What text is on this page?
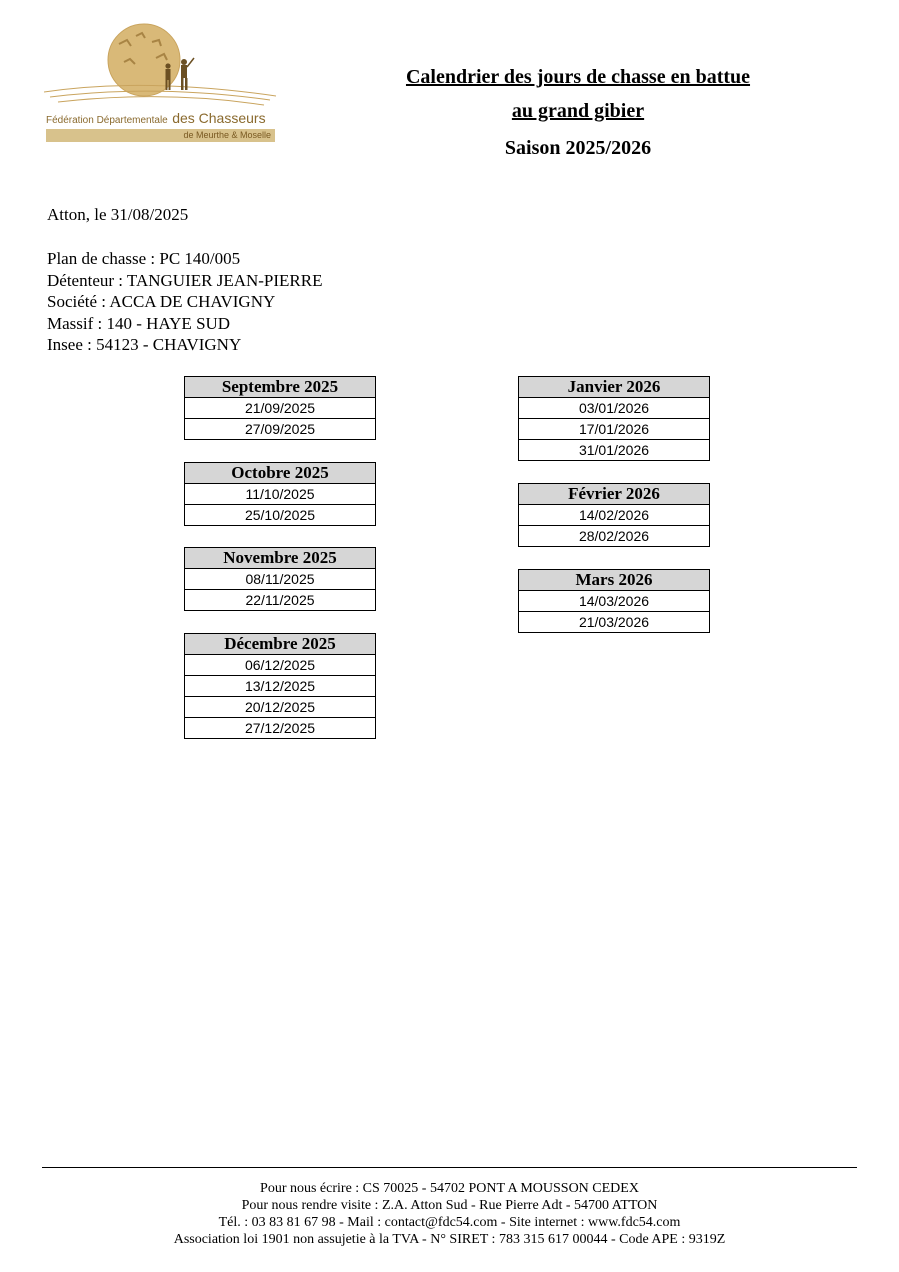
Fédération Départementale des Chasseurs
de Meurthe & Moselle
Calendrier des jours de chasse en battue
au grand gibier
Saison 2025/2026
Atton, le 31/08/2025
Plan de chasse : PC 140/005
Détenteur : TANGUIER JEAN-PIERRE
Société : ACCA DE CHAVIGNY
Massif : 140 - HAYE SUD
Insee : 54123 - CHAVIGNY
Septembre 2025
21/09/2025
27/09/2025
Octobre 2025
11/10/2025
25/10/2025
Novembre 2025
08/11/2025
22/11/2025
Décembre 2025
06/12/2025
13/12/2025
20/12/2025
27/12/2025
Janvier 2026
03/01/2026
17/01/2026
31/01/2026
Février 2026
14/02/2026
28/02/2026
Mars 2026
14/03/2026
21/03/2026
Pour nous écrire : CS 70025 - 54702 PONT A MOUSSON CEDEX
Pour nous rendre visite : Z.A. Atton Sud - Rue Pierre Adt - 54700 ATTON
Tél. : 03 83 81 67 98 - Mail : contact@fdc54.com - Site internet : www.fdc54.com
Association loi 1901 non assujetie à la TVA - N° SIRET : 783 315 617 00044 - Code APE : 9319Z
